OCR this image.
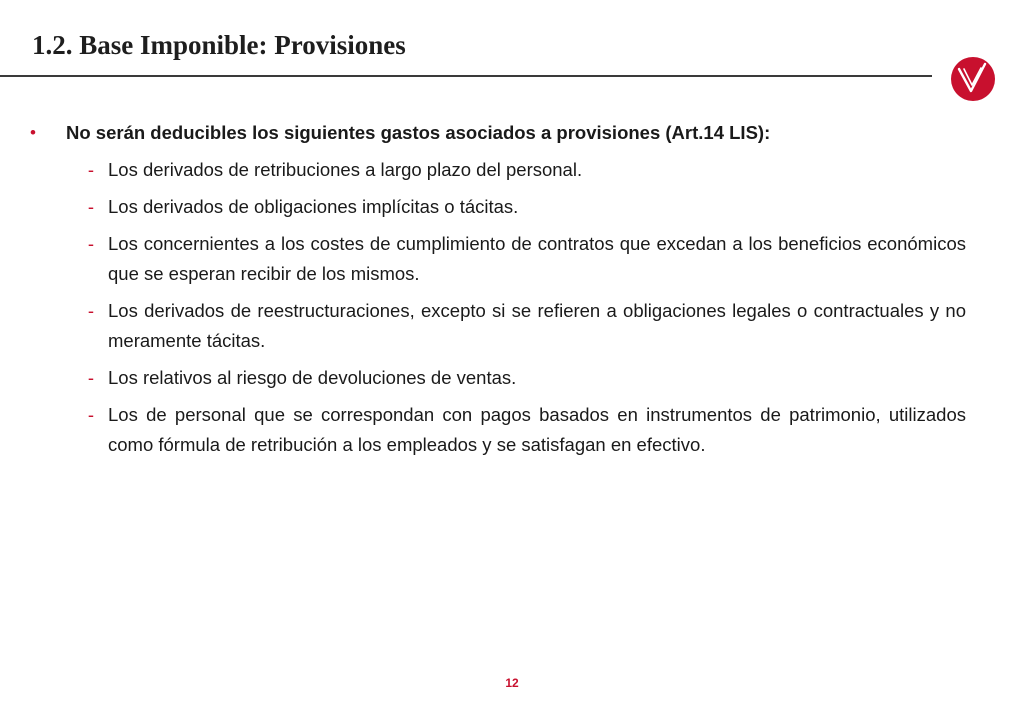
1.2. Base Imponible: Provisiones
•	No serán deducibles los siguientes gastos asociados a provisiones (Art.14 LIS):
- Los derivados de retribuciones a largo plazo del personal.
- Los derivados de obligaciones implícitas o tácitas.
- Los concernientes a los costes de cumplimiento de contratos que excedan a los beneficios económicos que se esperan recibir de los mismos.
- Los derivados de reestructuraciones, excepto si se refieren a obligaciones legales o contractuales y no meramente tácitas.
- Los relativos al riesgo de devoluciones de ventas.
- Los de personal que se correspondan con pagos basados en instrumentos de patrimonio, utilizados como fórmula de retribución a los empleados y se satisfagan en efectivo.
12
